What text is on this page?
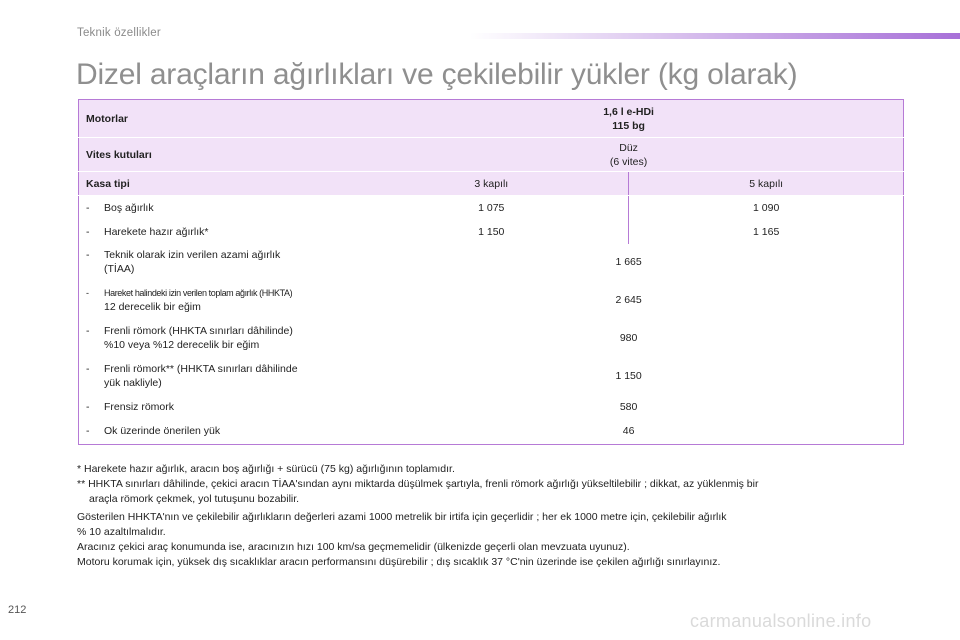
Teknik özellikler
Dizel araçların ağırlıkları ve çekilebilir yükler (kg olarak)
Motorlar	1,6 l e-HDi
115 bg	

Vites kutuları	Düz
(6 vites)	

Kasa tipi	3 kapılı	5 kapılı
- Boş ağırlık	1 075	1 090
- Harekete hazır ağırlık*	1 150	1 165

- Teknik olarak izin verilen azami ağırlık
(TİAA)	1 665	

- Hareket halindeki izin verilen toplam ağırlık (HHKTA)
12 derecelik bir eğim	2 645	

- Frenli römork (HHKTA sınırları dâhilinde)
%10 veya %12 derecelik bir eğim	980	

- Frenli römork** (HHKTA sınırları dâhilinde
yük nakliyle)	1 150	
- Frensiz römork	580	
- Ok üzerinde önerilen yük	46	

* Harekete hazır ağırlık, aracın boş ağırlığı + sürücü (75 kg) ağırlığının toplamıdır.

** HHKTA sınırları dâhilinde, çekici aracın TİAA'sından aynı miktarda düşülmek şartıyla, frenli römork ağırlığı yükseltilebilir ; dikkat, az yüklenmiş bir

araçla römork çekmek, yol tutuşunu bozabilir.

Gösterilen HHKTA'nın ve çekilebilir ağırlıkların değerleri azami 1000 metrelik bir irtifa için geçerlidir ; her ek 1000 metre için, çekilebilir ağırlık

% 10 azaltılmalıdır.

Aracınız çekici araç konumunda ise, aracınızın hızı 100 km/sa geçmemelidir (ülkenizde geçerli olan mevzuata uyunuz).

Motoru korumak için, yüksek dış sıcaklıklar aracın performansını düşürebilir ; dış sıcaklık 37 °C'nin üzerinde ise çekilen ağırlığı sınırlayınız.

212
carmanualsonline.info
